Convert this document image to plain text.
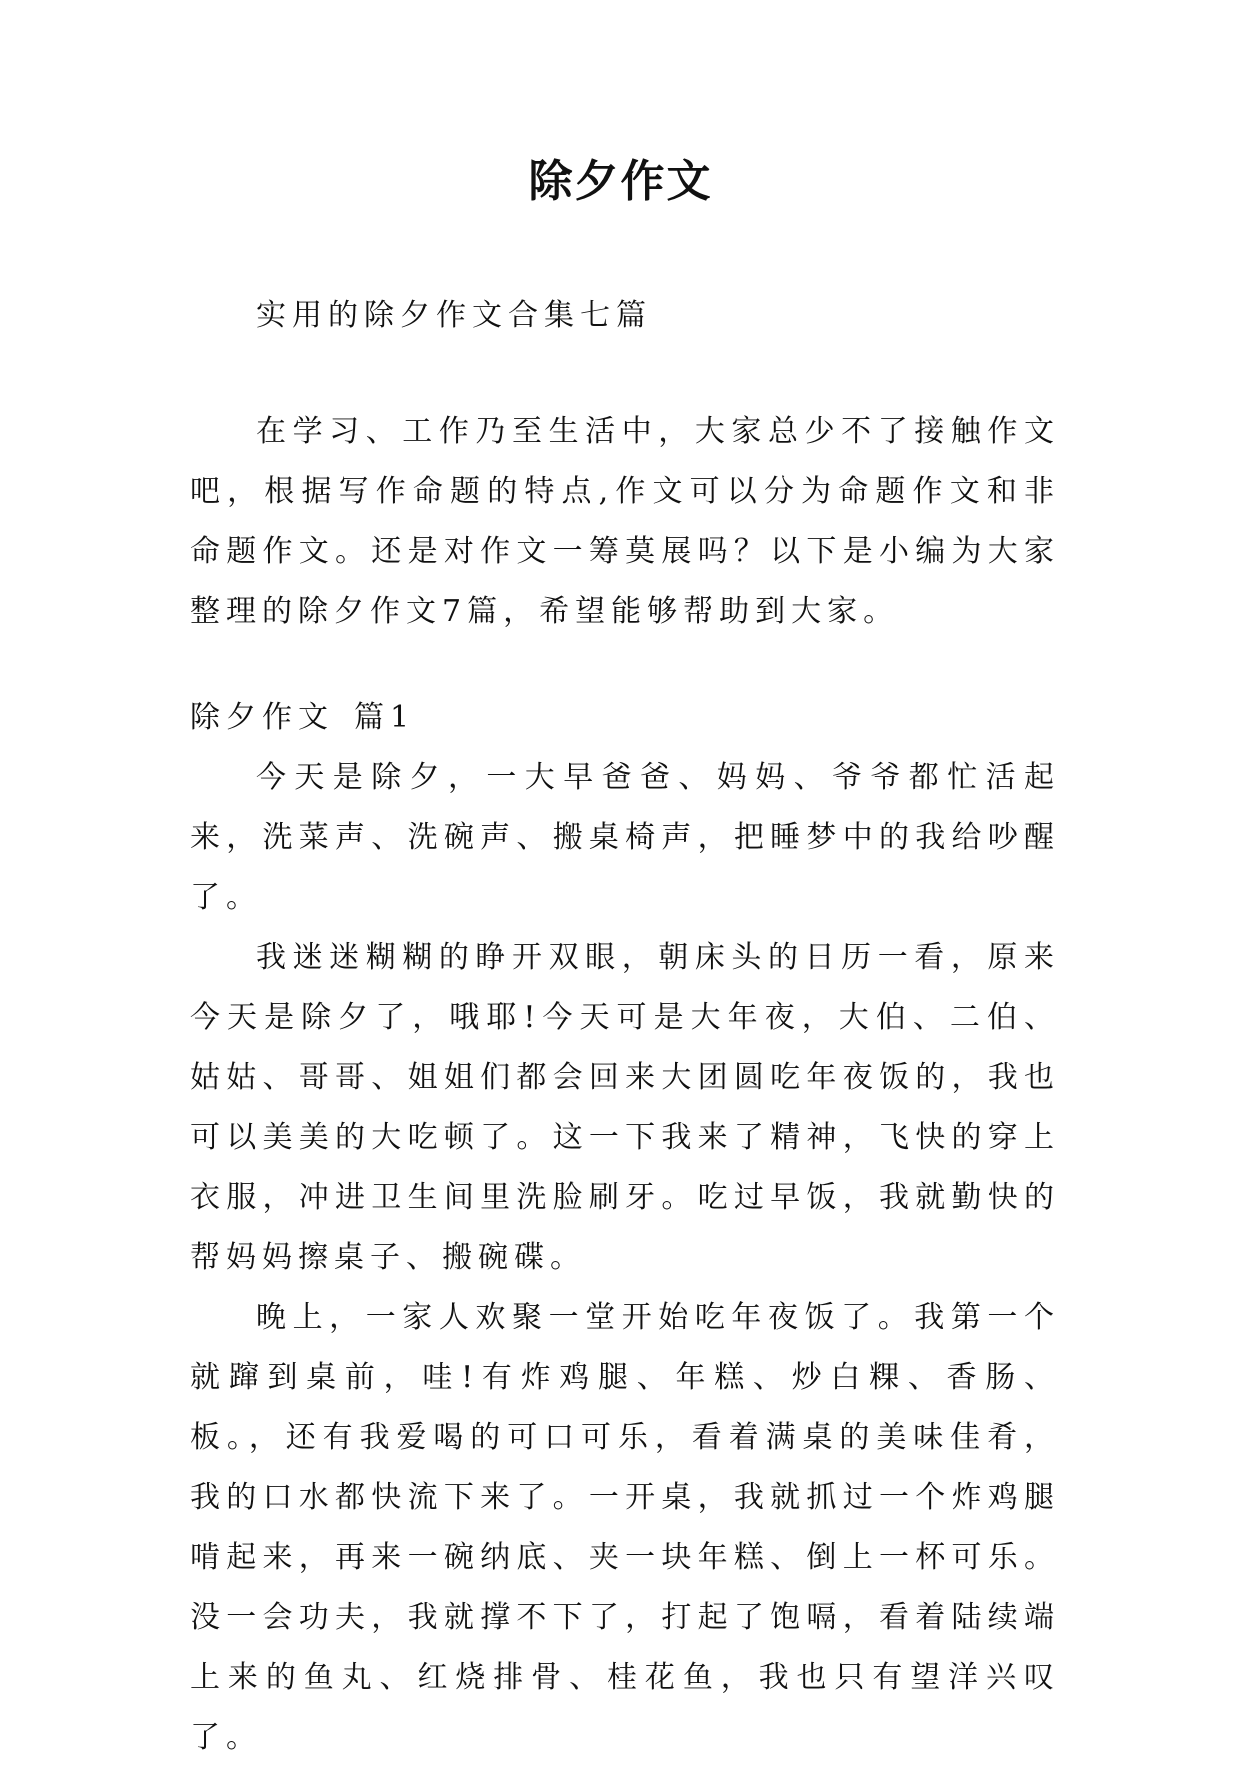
除夕作文
实用的除夕作文合集七篇
在学习、工作乃至生活中，大家总少不了接触作文吧，根据写作命题的特点,作文可以分为命题作文和非命题作文。还是对作文一筹莫展吗？以下是小编为大家整理的除夕作文7篇，希望能够帮助到大家。
除夕作文 篇1

今天是除夕，一大早爸爸、妈妈、爷爷都忙活起来，洗菜声、洗碗声、搬桌椅声，把睡梦中的我给吵醒了。

我迷迷糊糊的睁开双眼，朝床头的日历一看，原来今天是除夕了，哦耶!今天可是大年夜，大伯、二伯、姑姑、哥哥、姐姐们都会回来大团圆吃年夜饭的，我也可以美美的大吃顿了。这一下我来了精神，飞快的穿上衣服，冲进卫生间里洗脸刷牙。吃过早饭，我就勤快的帮妈妈擦桌子、搬碗碟。

晚上，一家人欢聚一堂开始吃年夜饭了。我第一个就蹿到桌前，哇!有炸鸡腿、年糕、炒白粿、香肠、板。，还有我爱喝的可口可乐，看着满桌的美味佳肴，我的口水都快流下来了。一开桌，我就抓过一个炸鸡腿啃起来，再来一碗纳底、夹一块年糕、倒上一杯可乐。没一会功夫，我就撑不下了，打起了饱嗝，看着陆续端上来的鱼丸、红烧排骨、桂花鱼，我也只有望洋兴叹了。
